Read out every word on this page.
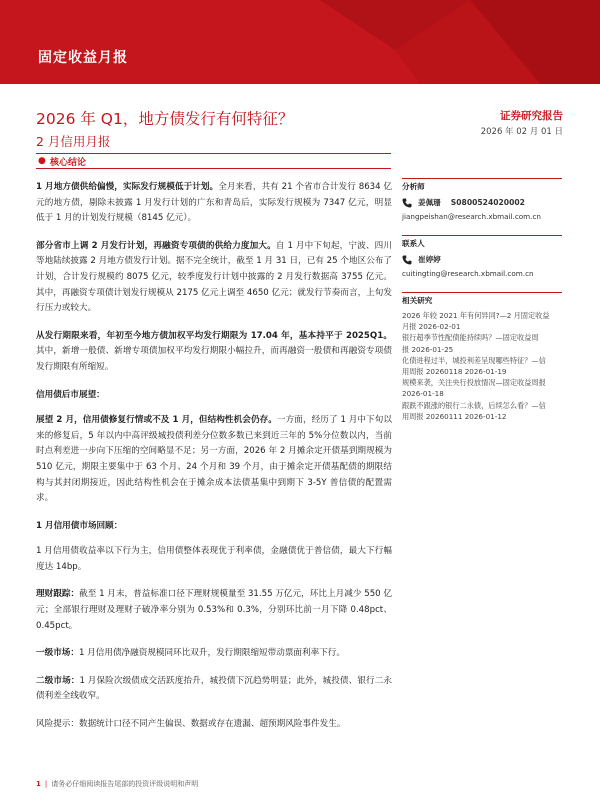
固定收益月报
2026 年 Q1，地方债发行有何特征？
2 月信用月报
证券研究报告
2026 年 02 月 01 日
● 核心结论

1 月地方债供给偏慢，实际发行规模低于计划。全月来看，共有 21 个省市合计发行 8634 亿元的地方债，剔除未披露 1 月发行计划的广东和青岛后，实际发行规模为 7347 亿元，明显低于 1 月的计划发行规模（8145 亿元）。

部分省市上调 2 月发行计划，再融资专项债的供给力度加大。自 1 月中下旬起，宁波、四川等地陆续披露 2 月地方债发行计划。据不完全统计，截至 1 月 31 日，已有 25 个地区公布了计划，合计发行规模约 8075 亿元，较季度发行计划中披露的 2 月发行数据高 3755 亿元。其中，再融资专项债计划发行规模从 2175 亿元上调至 4650 亿元；就发行节奏而言，上旬发行压力或较大。

从发行期限来看，年初至今地方债加权平均发行期限为 17.04 年，基本持平于 2025Q1。其中，新增一般债、新增专项债加权平均发行期限小幅拉升，而再融资一般债和再融资专项债发行期限有所缩短。

信用债后市展望：

展望 2 月，信用债修复行情或不及 1 月，但结构性机会仍存。一方面，经历了 1 月中下旬以来的修复后，5 年以内中高评级城投债利差分位数多数已来到近三年的 5%分位数以内，当前时点利差进一步向下压缩的空间略显不足；另一方面，2026 年 2 月摊余定开债基到期规模为 510 亿元，期限主要集中于 63 个月、24 个月和 39 个月，由于摊余定开债基配债的期限结构与其封闭期接近，因此结构性机会在于摊余成本法债基集中到期下 3-5Y 普信债的配置需求。

1 月信用债市场回顾：

1 月信用债收益率以下行为主，信用债整体表现优于利率债，金融债优于普信债，最大下行幅度达 14bp。

理财跟踪：截至 1 月末，普益标准口径下理财规模量至 31.55 万亿元，环比上月减少 550 亿元；全部银行理财及理财子破净率分别为 0.53%和 0.3%，分别环比前一月下降 0.48pct、0.45pct。

一级市场：1 月信用债净融资规模同环比双升，发行期限缩短带动票面利率下行。

二级市场：1 月保险次级债成交活跃度抬升，城投债下沉趋势明显；此外，城投债、银行二永债利差全线收窄。

风险提示：数据统计口径不同产生偏误、数据或存在遗漏、超预期风险事件发生。

分析师
姜佩珊 S0800524020002
jiangpeishan@research.xbmail.com.cn
联系人
崔婷婷
cuitingting@research.xbmail.com.cn
相关研究
2026 年较 2021 年有何异同?—2 月固定收益
月报 2026-02-01
银行超季节性配债能持续吗？—固定收益周
报 2026-01-25
化债进程过半，城投利差呈现哪些特征？—信
用周报 20260118 2026-01-19
规模来袭，关注央行投放情况—固定收益周报
2026-01-18
跟跌不跟涨的银行二永债，后续怎么看？—信
用周报 20260111 2026-01-12
1 | 请务必仔细阅读报告尾部的投资评级说明和声明
